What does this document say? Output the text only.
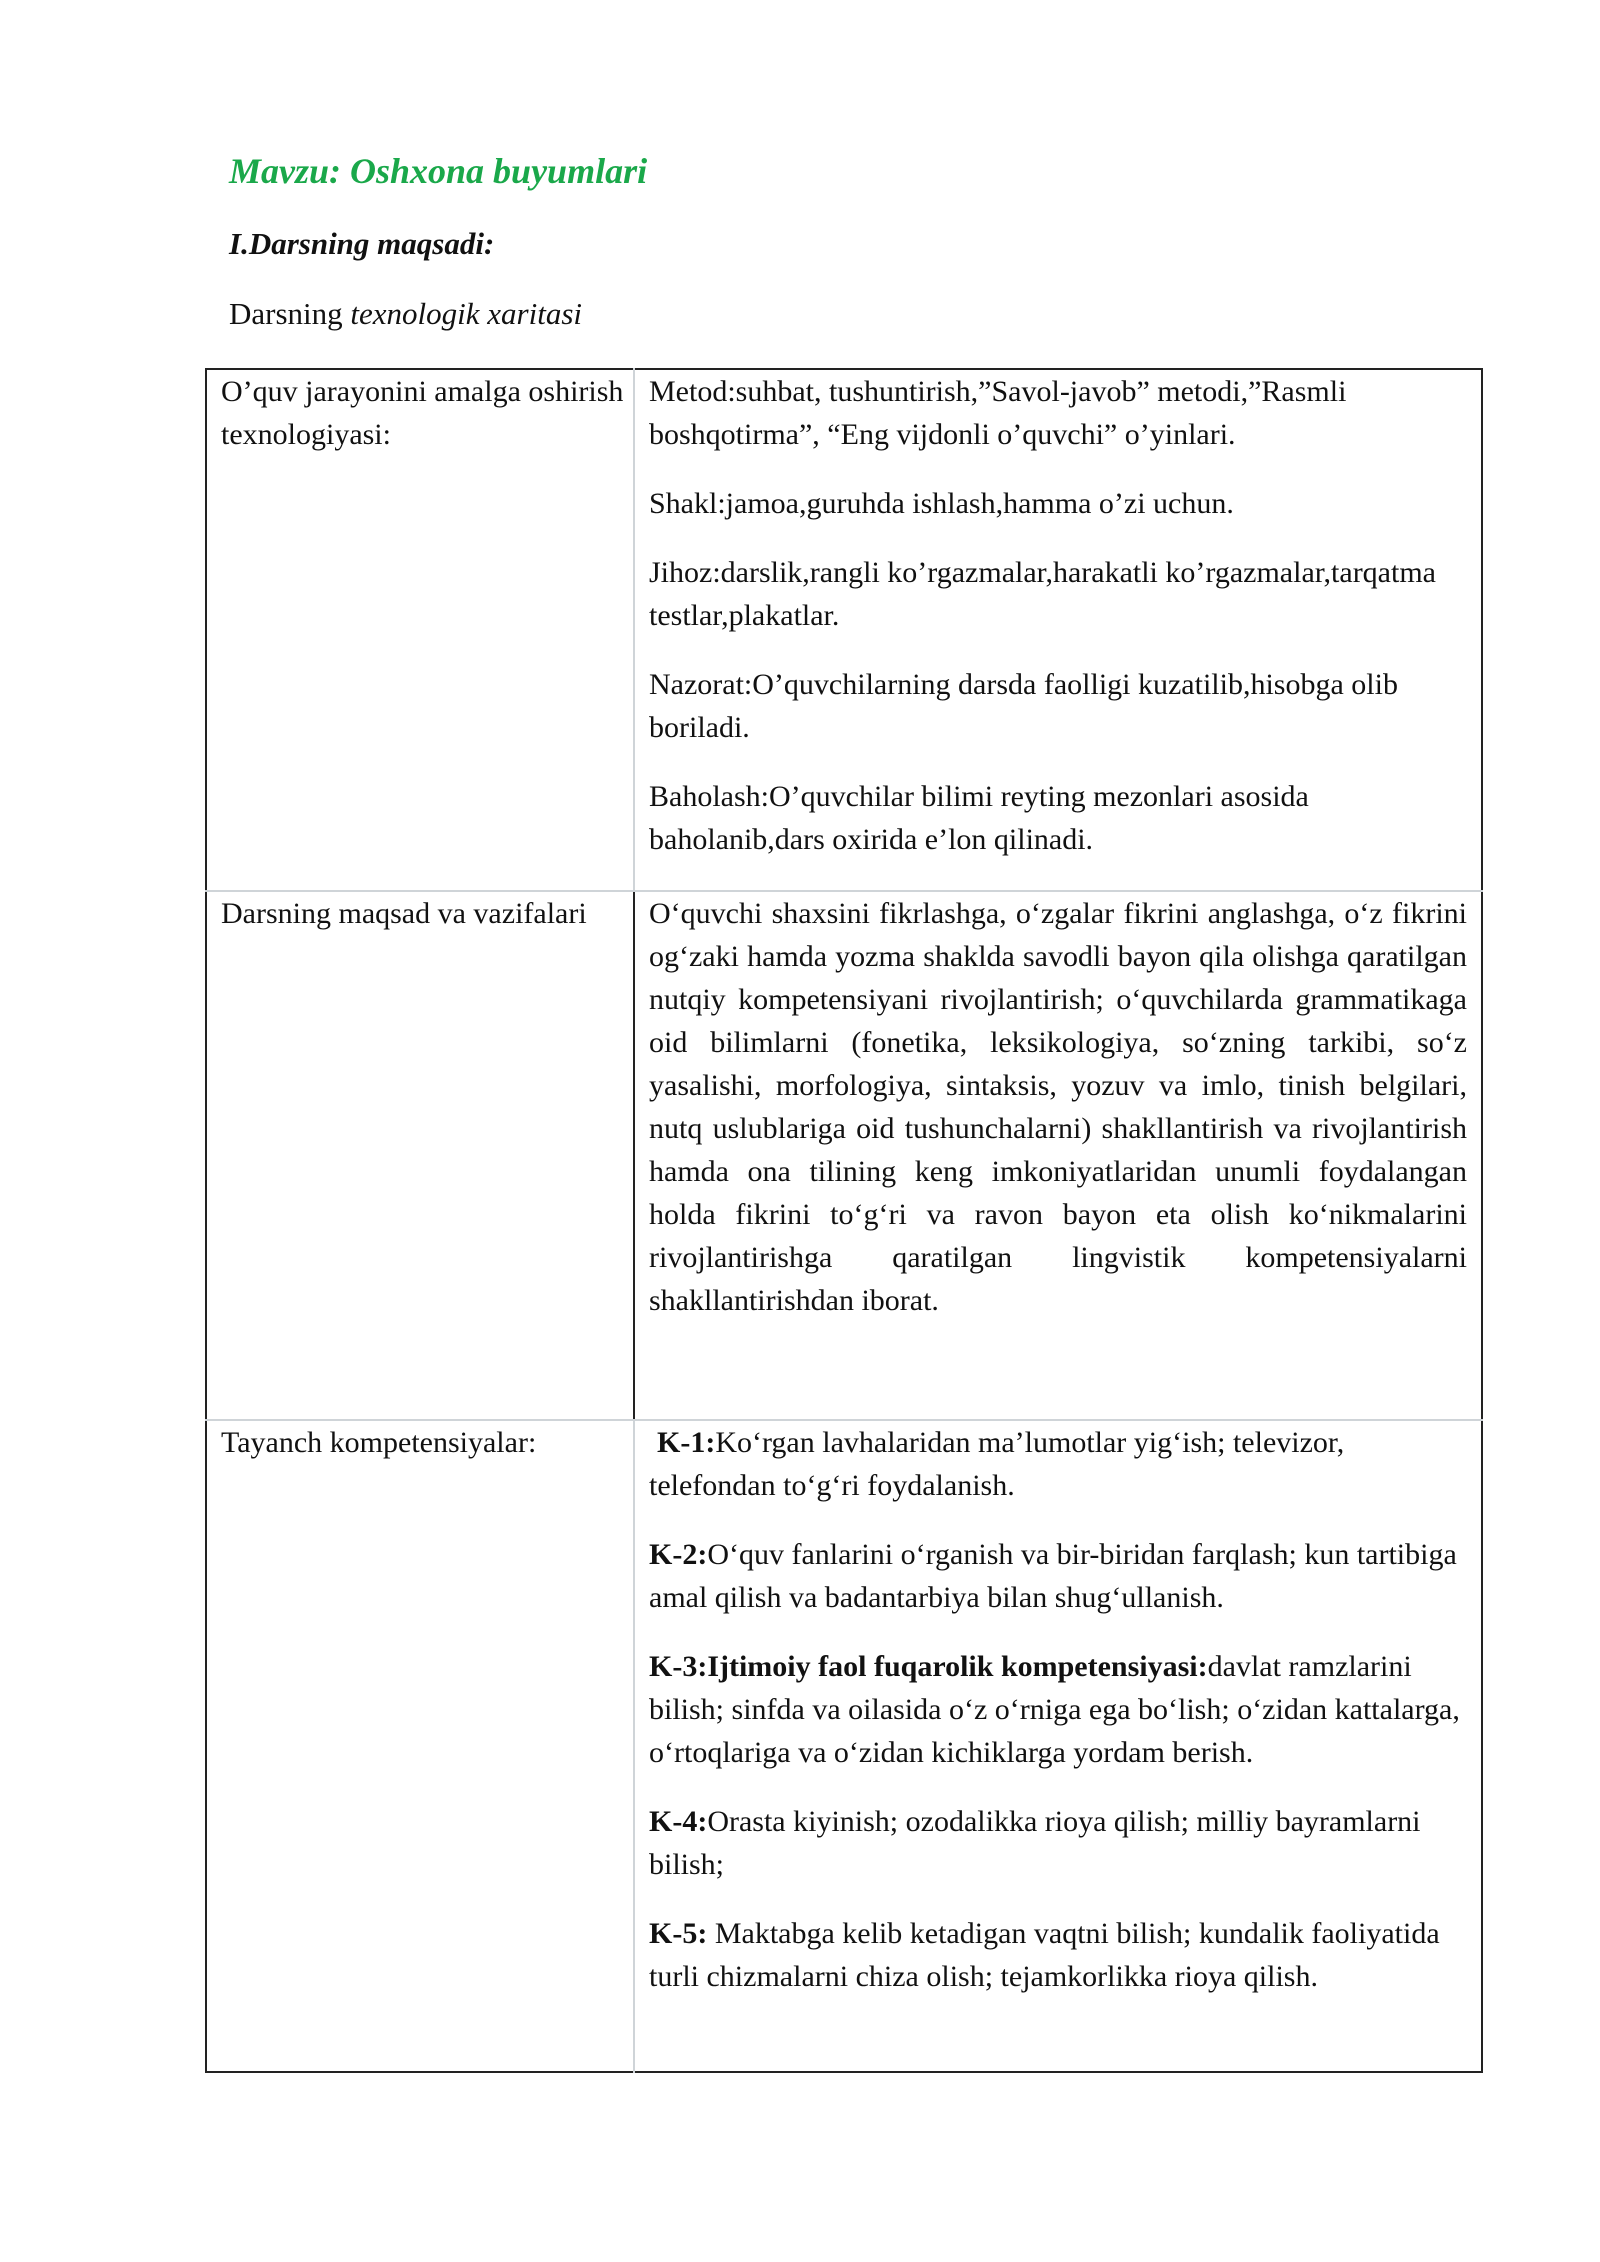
Mavzu: Oshxona buyumlari
I.Darsning maqsadi:

Darsning texnologik xaritasi

O’quv jarayonini amalga oshirish texnologiyasi:	Metod:suhbat, tushuntirish,”Savol-javob” metodi,”Rasmli boshqotirma”, “Eng vijdonli o’quvchi” o’yinlari.

Shakl:jamoa,guruhda ishlash,hamma o’zi uchun.

Jihoz:darslik,rangli ko’rgazmalar,harakatli ko’rgazmalar,tarqatma testlar,plakatlar.

Nazorat:O’quvchilarning darsda faolligi kuzatilib,hisobga olib boriladi.

Baholash:O’quvchilar bilimi reyting mezonlari asosida baholanib,dars oxirida e’lon qilinadi.

Darsning maqsad va vazifalari	O‘quvchi shaxsini fikrlashga, o‘zgalar fikrini anglashga, o‘z fikrini og‘zaki hamda yozma shaklda savodli bayon qila olishga qaratilgan nutqiy kompetensiyani rivojlantirish; o‘quvchilarda grammatikaga oid bilimlarni (fonetika, leksikologiya, so‘zning tarkibi, so‘z yasalishi, morfologiya, sintaksis, yozuv va imlo, tinish belgilari, nutq uslublariga oid tushunchalarni) shakllantirish va rivojlantirish hamda ona tilining keng imkoniyatlaridan unumli foydalangan holda fikrini to‘g‘ri va ravon bayon eta olish ko‘nikmalarini rivojlantirishga qaratilgan lingvistik kompetensiyalarni shakllantirishdan iborat.

Tayanch kompetensiyalar:	K-1:Ko‘rgan lavhalaridan ma’lumotlar yig‘ish; televizor, telefondan to‘g‘ri foydalanish.

K-2:O‘quv fanlarini o‘rganish va bir-biridan farqlash; kun tartibiga amal qilish va badantarbiya bilan shug‘ullanish.

K-3:Ijtimoiy faol fuqarolik kompetensiyasi:davlat ramzlarini bilish; sinfda va oilasida o‘z o‘rniga ega bo‘lish; o‘zidan kattalarga, o‘rtoqlariga va o‘zidan kichiklarga yordam berish.

K-4:Orasta kiyinish; ozodalikka rioya qilish; milliy bayramlarni bilish;

K-5: Maktabga kelib ketadigan vaqtni bilish; kundalik faoliyatida turli chizmalarni chiza olish; tejamkorlikka rioya qilish.
